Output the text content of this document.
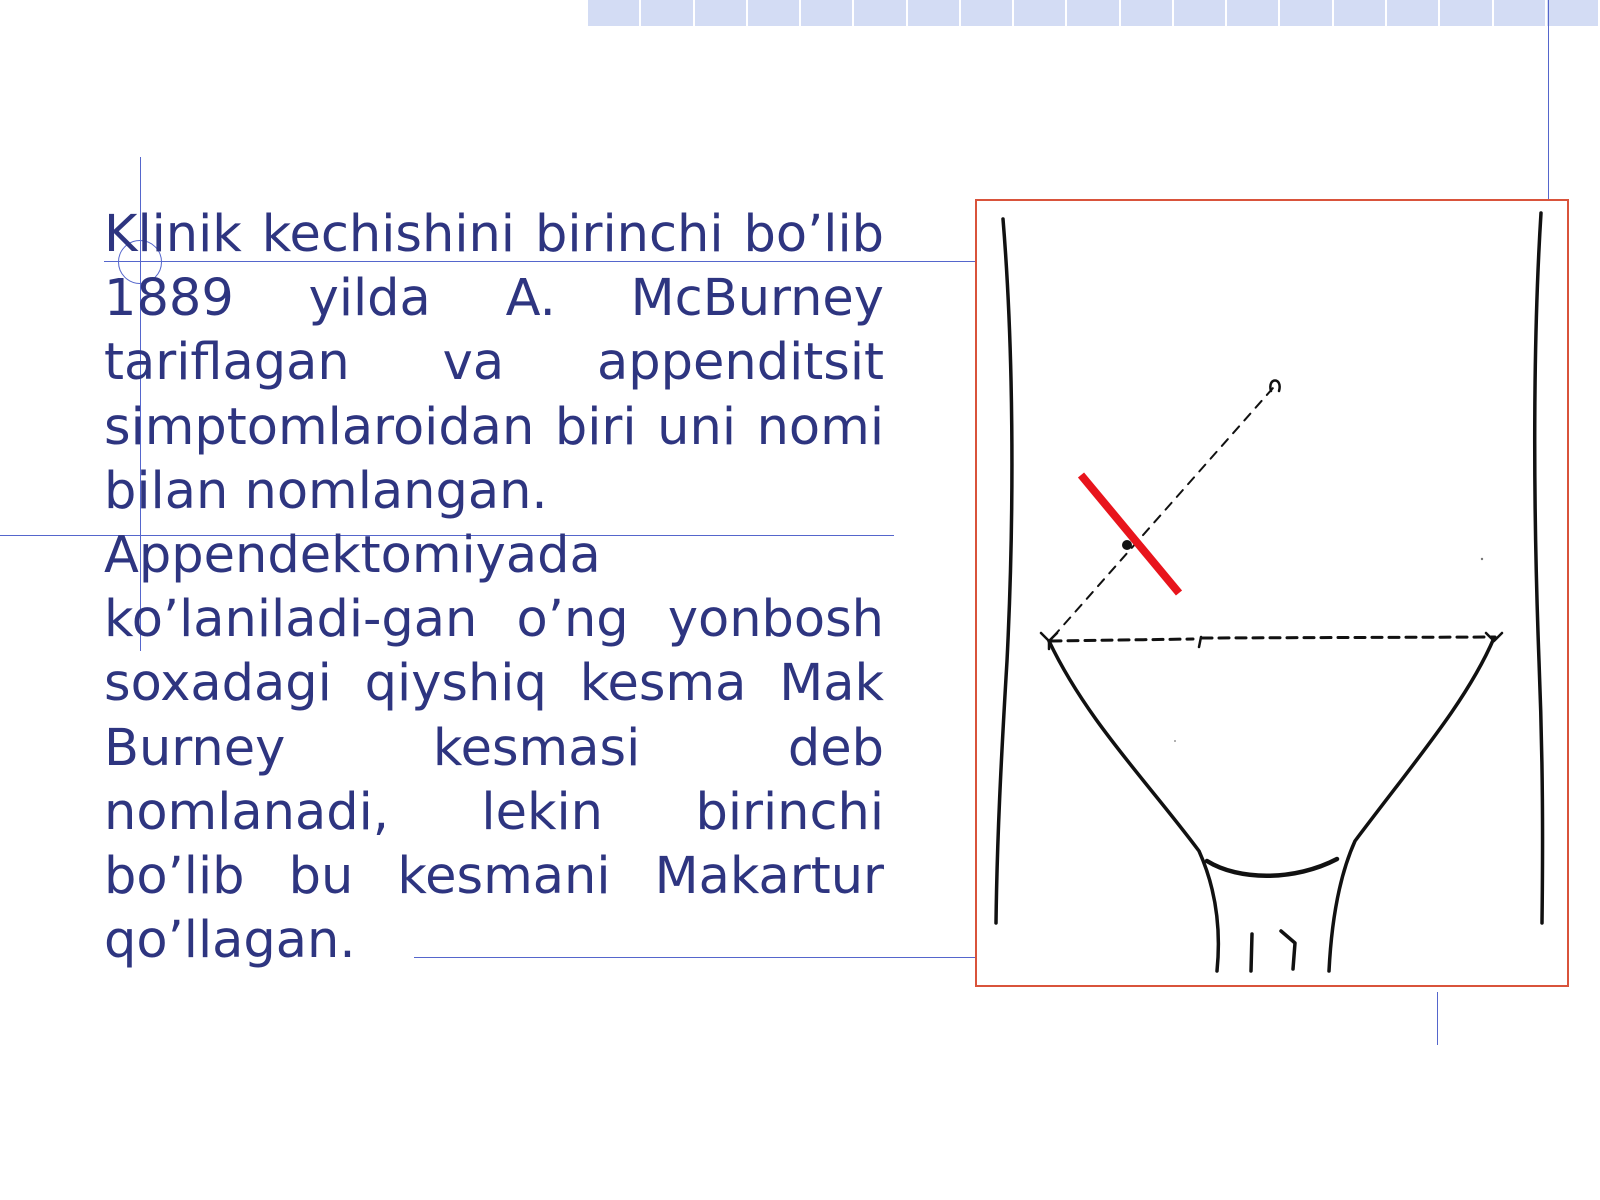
Klinik kechishini birinchi bo’lib 1889 yilda A. McBurney tariflagan va appenditsit simptomlaroidan biri uni nomi bilan nomlangan.
Appendektomiyada ko’laniladi-gan o’ng yonbosh soxadagi qiyshiq kesma Mak Burney kesmasi deb nomlanadi, lekin birinchi bo’lib bu kesmani Makartur qo’llagan.
